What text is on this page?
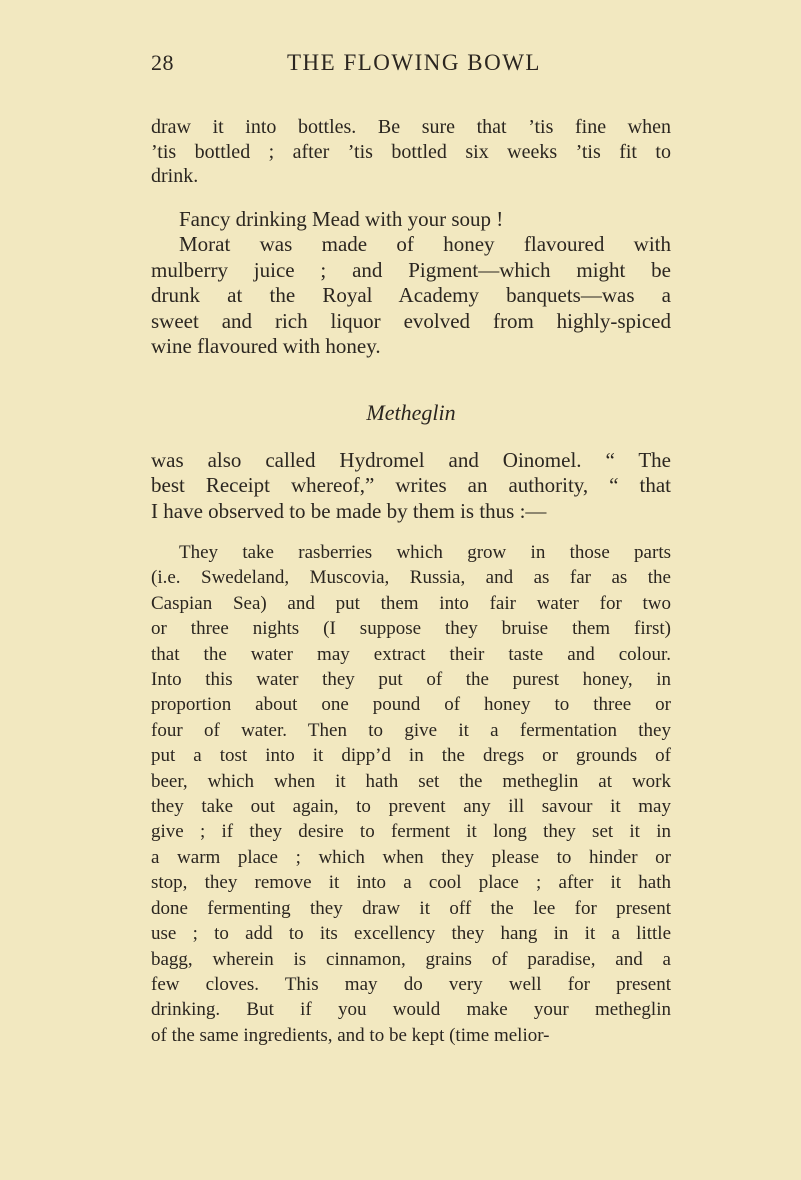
28	THE FLOWING BOWL
draw it into bottles. Be sure that ’tis fine when
’tis bottled ; after ’tis bottled six weeks ’tis fit to
drink.
Fancy drinking Mead with your soup !
Morat was made of honey flavoured with
mulberry juice ; and Pigment—which might be
drunk at the Royal Academy banquets—was a
sweet and rich liquor evolved from highly-spiced
wine flavoured with honey.
Metheglin
was also called Hydromel and Oinomel. “ The
best Receipt whereof,” writes an authority, “ that
I have observed to be made by them is thus :—
They take rasberries which grow in those parts
(i.e. Swedeland, Muscovia, Russia, and as far as the
Caspian Sea) and put them into fair water for two
or three nights (I suppose they bruise them first)
that the water may extract their taste and colour.
Into this water they put of the purest honey, in
proportion about one pound of honey to three or
four of water. Then to give it a fermentation they
put a tost into it dipp’d in the dregs or grounds of
beer, which when it hath set the metheglin at work
they take out again, to prevent any ill savour it may
give ; if they desire to ferment it long they set it in
a warm place ; which when they please to hinder or
stop, they remove it into a cool place ; after it hath
done fermenting they draw it off the lee for present
use ; to add to its excellency they hang in it a little
bagg, wherein is cinnamon, grains of paradise, and a
few cloves. This may do very well for present
drinking. But if you would make your metheglin
of the same ingredients, and to be kept (time melior-
